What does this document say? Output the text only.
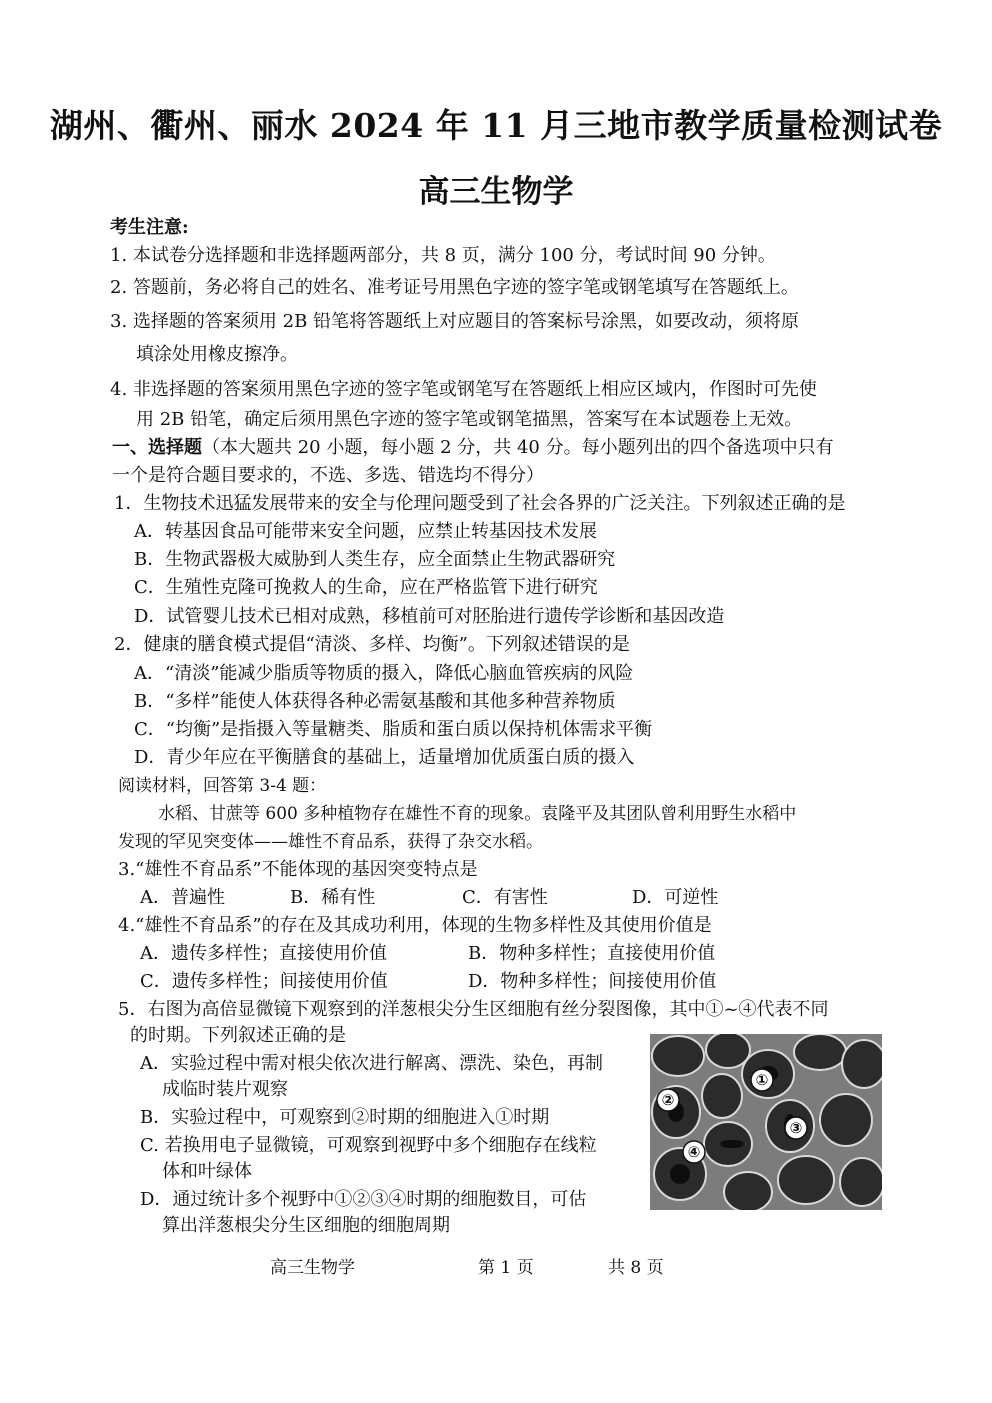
湖州、衢州、丽水 2024 年 11 月三地市教学质量检测试卷
高三生物学
考生注意:
1. 本试卷分选择题和非选择题两部分，共 8 页，满分 100 分，考试时间 90 分钟。
2. 答题前，务必将自己的姓名、准考证号用黑色字迹的签字笔或钢笔填写在答题纸上。
3. 选择题的答案须用 2B 铅笔将答题纸上对应题目的答案标号涂黑，如要改动，须将原
填涂处用橡皮擦净。
4. 非选择题的答案须用黑色字迹的签字笔或钢笔写在答题纸上相应区域内，作图时可先使
用 2B 铅笔，确定后须用黑色字迹的签字笔或钢笔描黑，答案写在本试题卷上无效。
一、选择题（本大题共 20 小题，每小题 2 分，共 40 分。每小题列出的四个备选项中只有
一个是符合题目要求的，不选、多选、错选均不得分）
1．生物技术迅猛发展带来的安全与伦理问题受到了社会各界的广泛关注。下列叙述正确的是
A．转基因食品可能带来安全问题，应禁止转基因技术发展
B．生物武器极大威胁到人类生存，应全面禁止生物武器研究
C．生殖性克隆可挽救人的生命，应在严格监管下进行研究
D．试管婴儿技术已相对成熟，移植前可对胚胎进行遗传学诊断和基因改造
2．健康的膳食模式提倡“清淡、多样、均衡”。下列叙述错误的是
A．“清淡”能减少脂质等物质的摄入，降低心脑血管疾病的风险
B．“多样”能使人体获得各种必需氨基酸和其他多种营养物质
C．“均衡”是指摄入等量糖类、脂质和蛋白质以保持机体需求平衡
D．青少年应在平衡膳食的基础上，适量增加优质蛋白质的摄入
阅读材料，回答第 3-4 题：
水稻、甘蔗等 600 多种植物存在雄性不育的现象。袁隆平及其团队曾利用野生水稻中
发现的罕见突变体——雄性不育品系，获得了杂交水稻。
3.“雄性不育品系”不能体现的基因突变特点是
A．普遍性	B．稀有性	C．有害性	D．可逆性
4.“雄性不育品系”的存在及其成功利用，体现的生物多样性及其使用价值是
A．遗传多样性；直接使用价值	B．物种多样性；直接使用价值
C．遗传多样性；间接使用价值	D．物种多样性；间接使用价值
5．右图为高倍显微镜下观察到的洋葱根尖分生区细胞有丝分裂图像，其中①~④代表不同
的时期。下列叙述正确的是
A．实验过程中需对根尖依次进行解离、漂洗、染色，再制
成临时装片观察
B．实验过程中，可观察到②时期的细胞进入①时期
C. 若换用电子显微镜，可观察到视野中多个细胞存在线粒
体和叶绿体
D．通过统计多个视野中①②③④时期的细胞数目，可估
算出洋葱根尖分生区细胞的细胞周期
①
②
③
④
高三生物学	第 1 页	共 8 页
